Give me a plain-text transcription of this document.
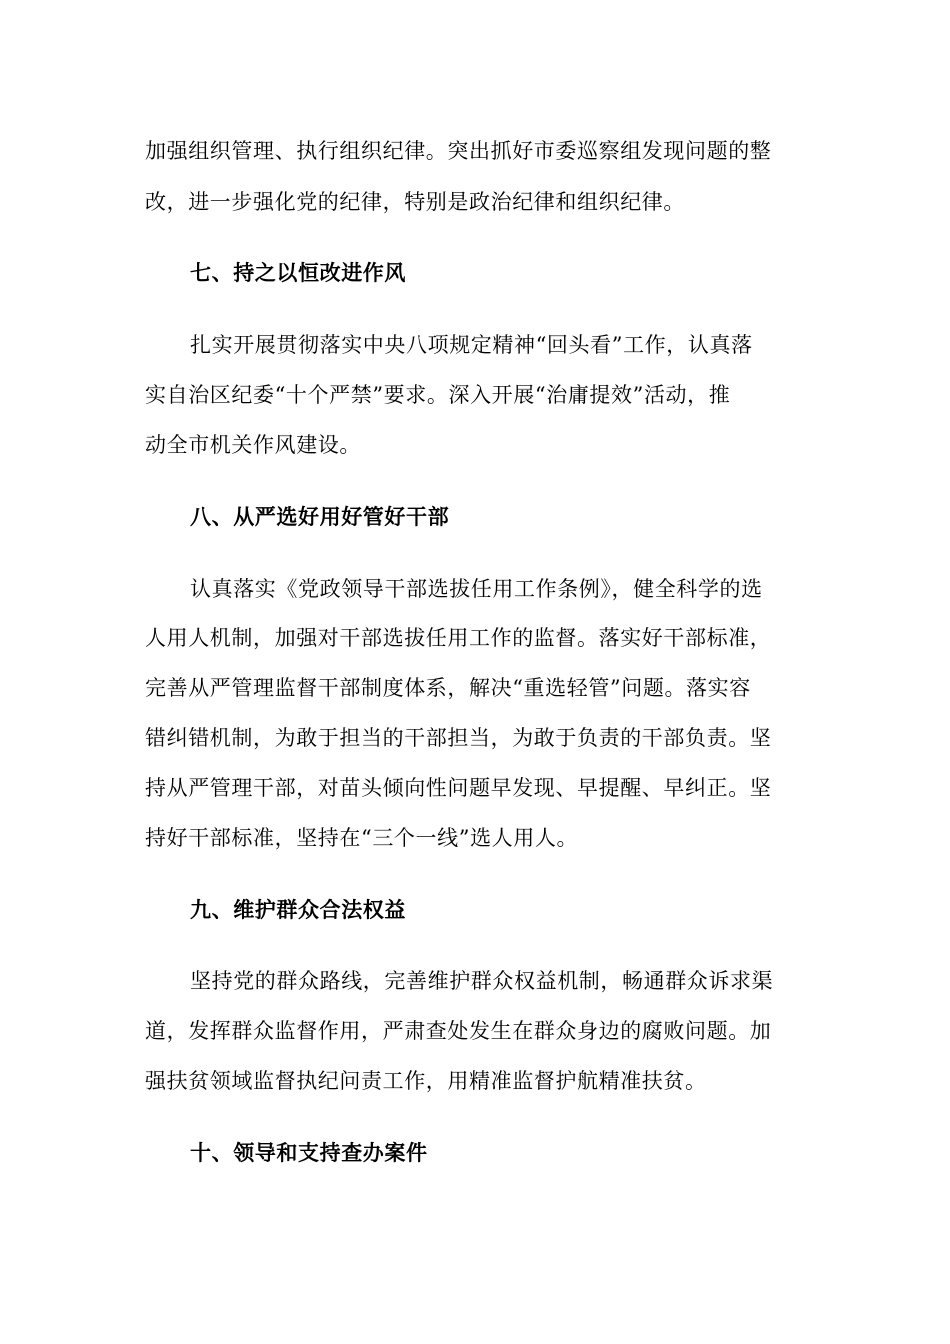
加强组织管理、执行组织纪律。突出抓好市委巡察组发现问题的整
改，进一步强化党的纪律，特别是政治纪律和组织纪律。
七、持之以恒改进作风
扎实开展贯彻落实中央八项规定精神“回头看”工作，认真落
实自治区纪委“十个严禁”要求。深入开展“治庸提效”活动，推
动全市机关作风建设。
八、从严选好用好管好干部
认真落实《党政领导干部选拔任用工作条例》，健全科学的选
人用人机制，加强对干部选拔任用工作的监督。落实好干部标准，
完善从严管理监督干部制度体系，解决“重选轻管”问题。落实容
错纠错机制，为敢于担当的干部担当，为敢于负责的干部负责。坚
持从严管理干部，对苗头倾向性问题早发现、早提醒、早纠正。坚
持好干部标准，坚持在“三个一线”选人用人。
九、维护群众合法权益
坚持党的群众路线，完善维护群众权益机制，畅通群众诉求渠
道，发挥群众监督作用，严肃查处发生在群众身边的腐败问题。加
强扶贫领域监督执纪问责工作，用精准监督护航精准扶贫。
十、领导和支持查办案件
